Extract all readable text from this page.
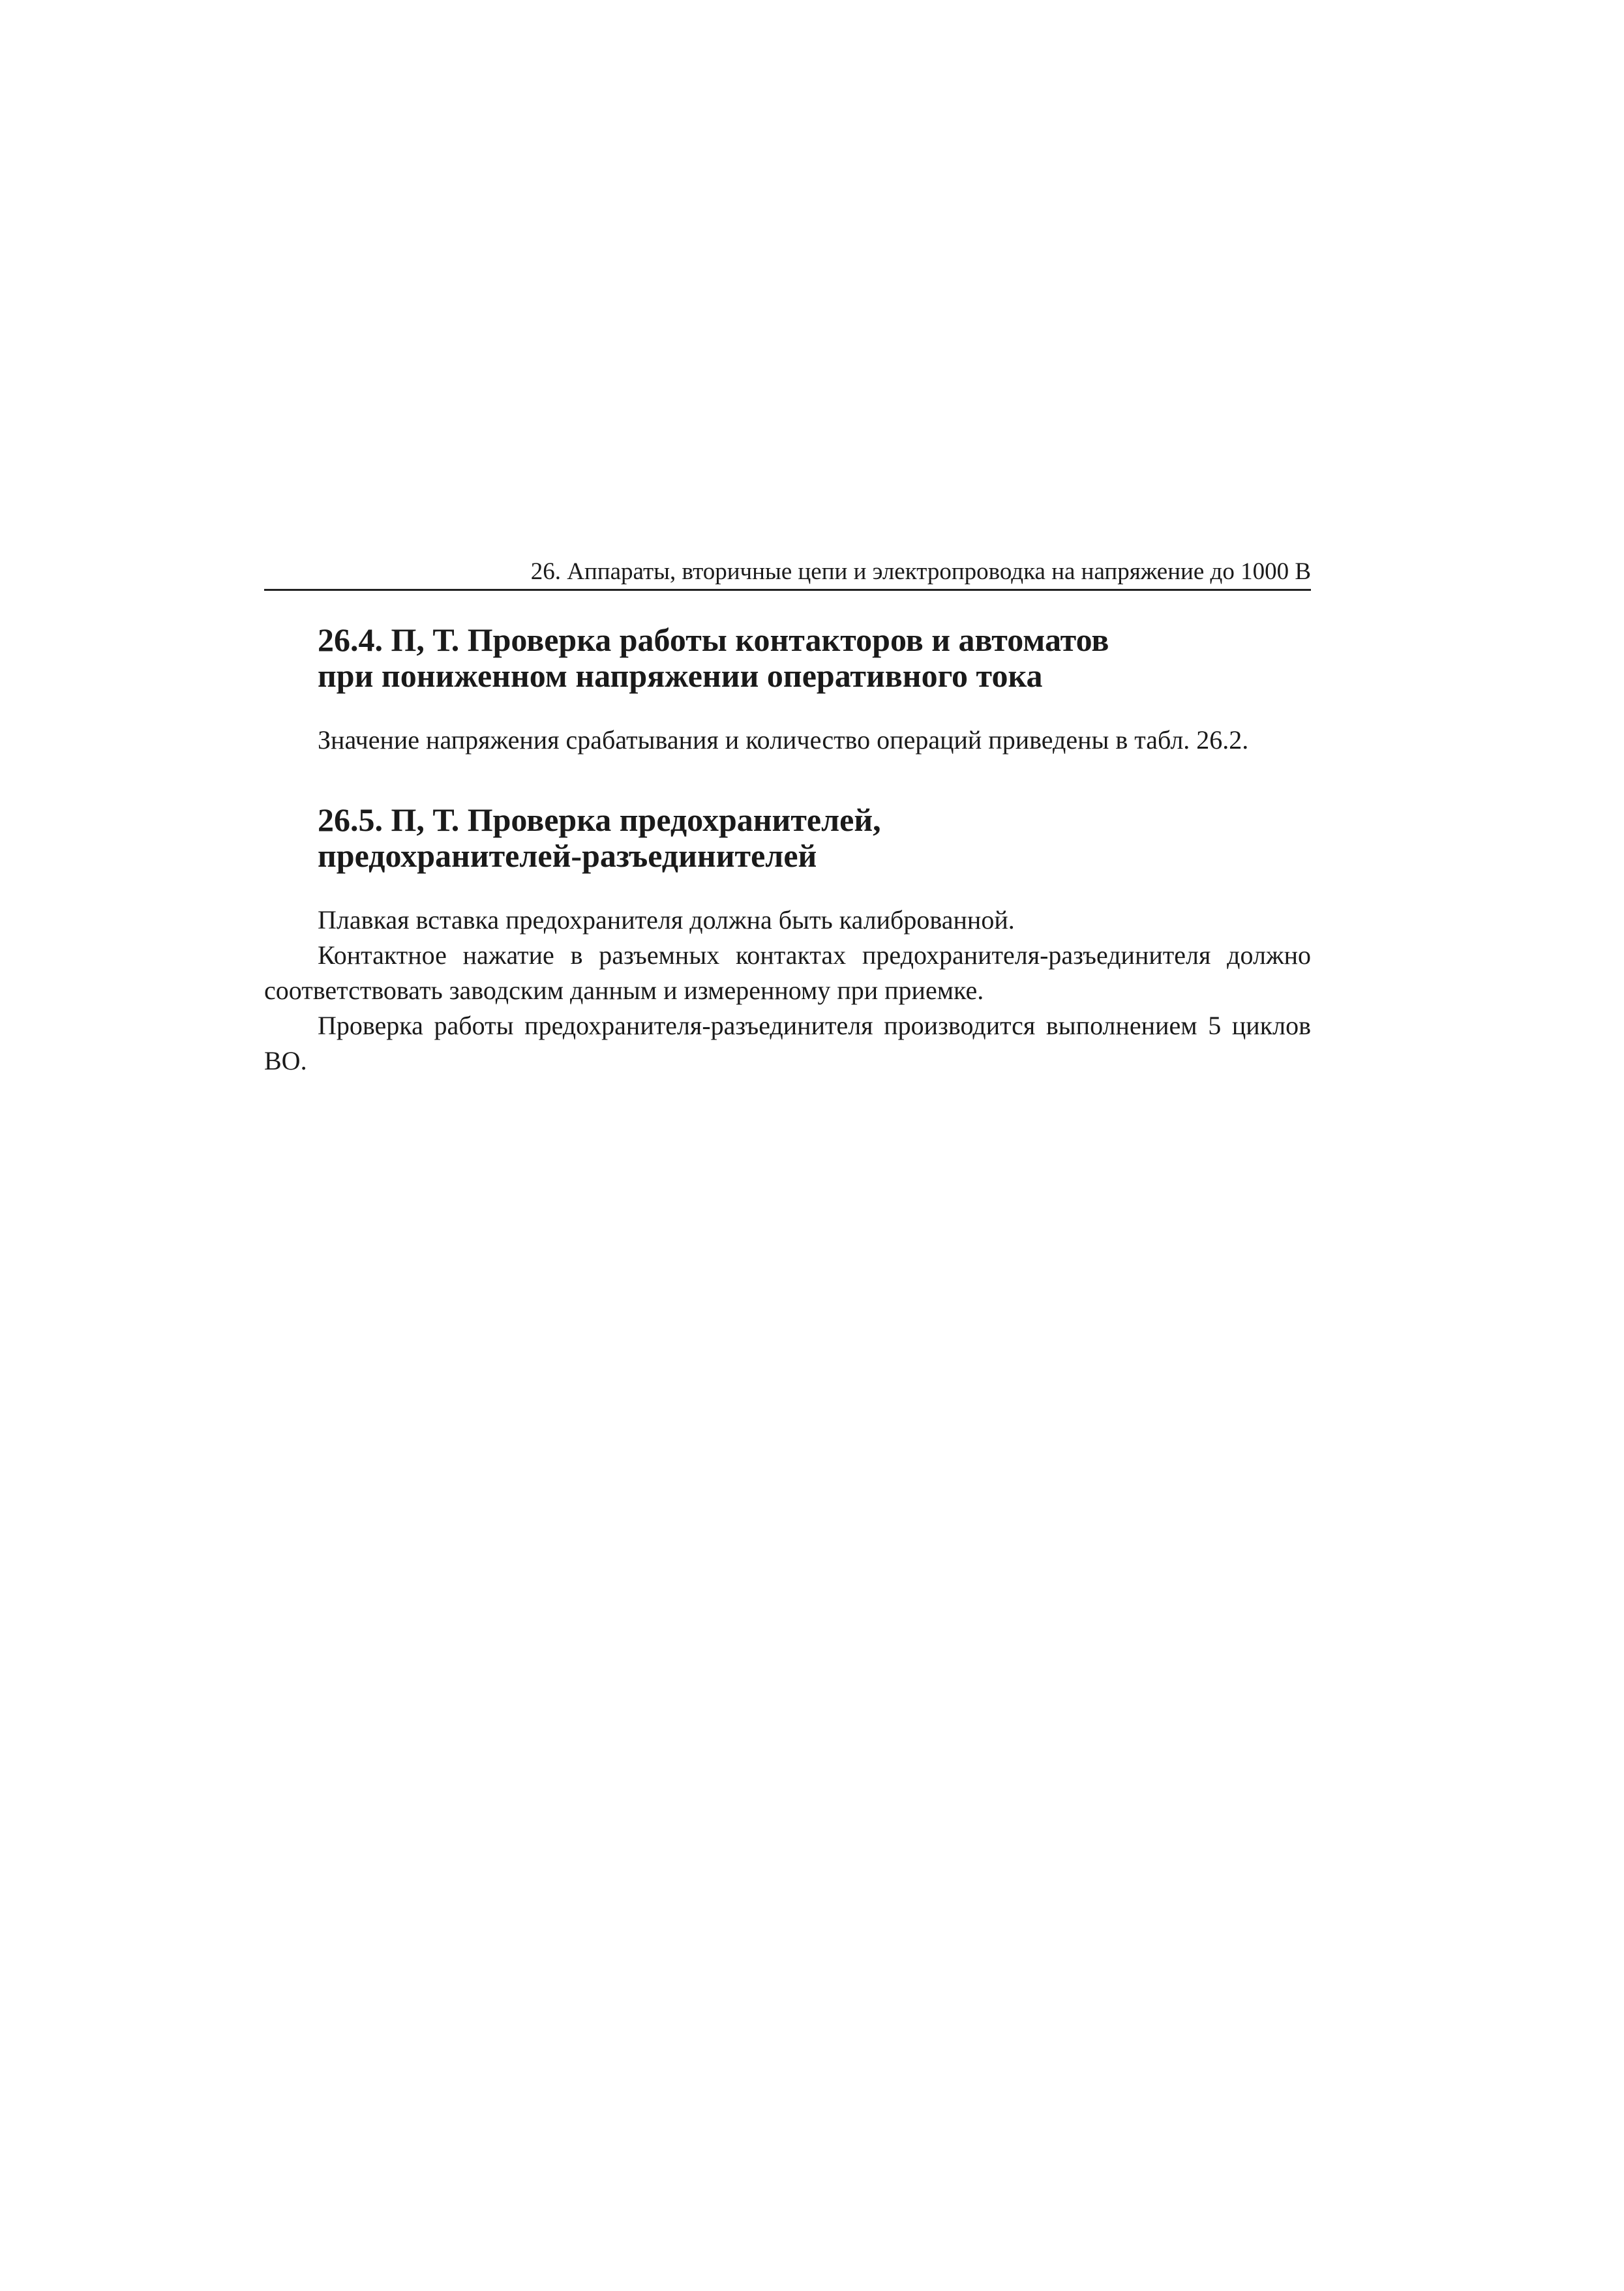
26. Аппараты, вторичные цепи и электропроводка на напряжение до 1000 В
26.4. П, Т. Проверка работы контакторов и автоматов
при пониженном напряжении оперативного тока

Значение напряжения срабатывания и количество операций приведены в табл. 26.2.

26.5. П, Т. Проверка предохранителей,
предохранителей-разъединителей

Плавкая вставка предохранителя должна быть калиброванной.

Контактное нажатие в разъемных контактах предохранителя-разъединителя должно соответствовать заводским данным и измеренному при приемке.

Проверка работы предохранителя-разъединителя производится выполнением 5 циклов ВО.
